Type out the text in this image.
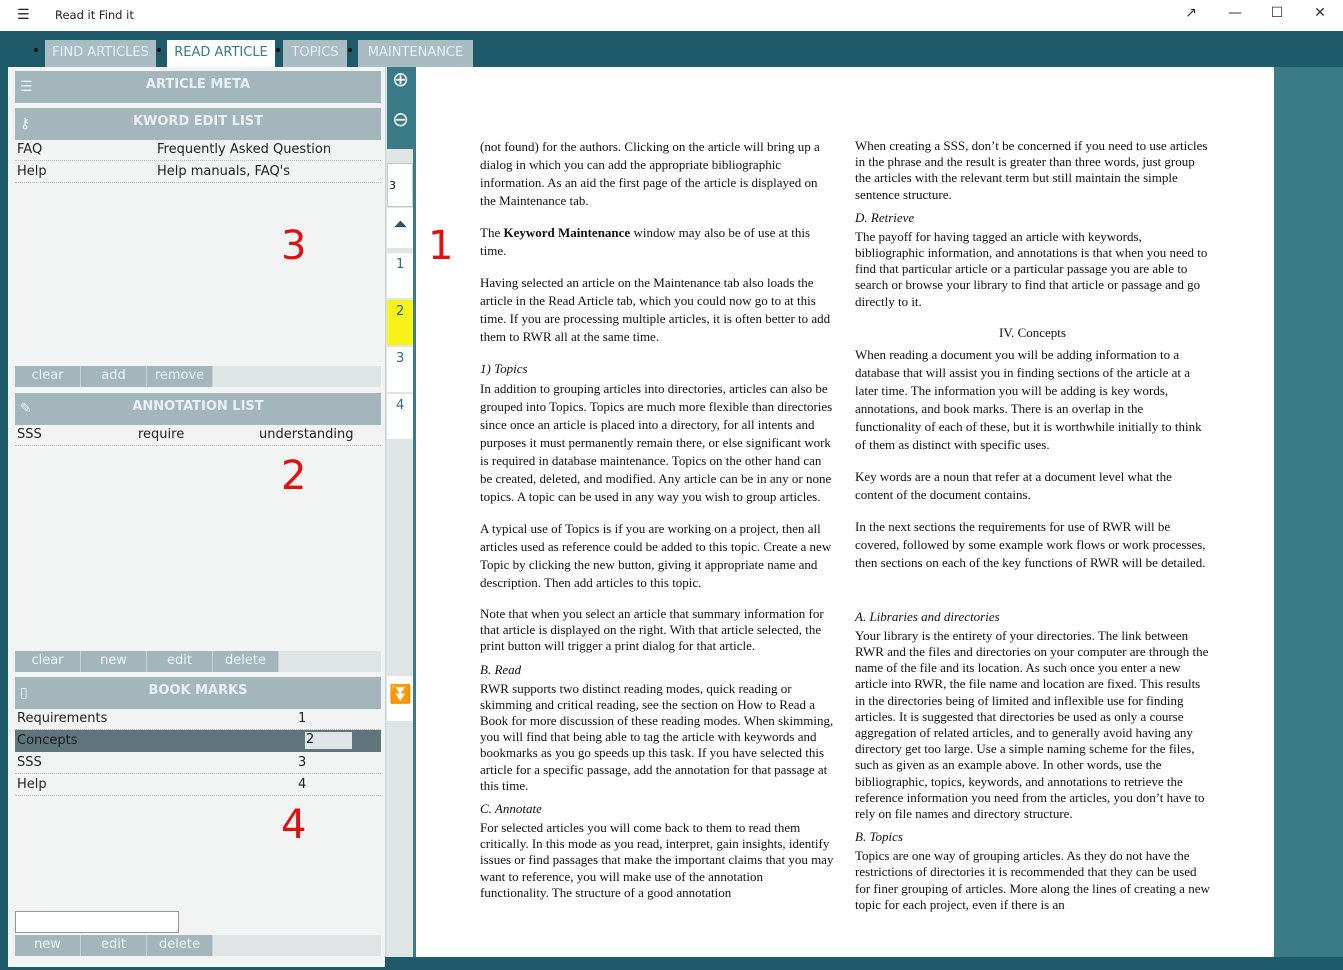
☰ Read it Find it	↗	—	☐	✕
FIND ARTICLES	READ ARTICLE	TOPICS	MAINTENANCE
☰	ARTICLE META
⚷	KWORD EDIT LIST
FAQ	Frequently Asked Question
Help	Help manuals, FAQ's
3
clear	add	remove
✎	ANNOTATION LIST
SSS	require	understanding
2
clear	new	edit	delete
▯	BOOK MARKS
Requirements	1
Concepts	2
SSS	3
Help	4
4
new	edit	delete
⊕
⊖
3
⏶
1
2
3
4
⏬
1

(not found) for the authors. Clicking on the article will bring up a dialog in which you can add the appropriate bibliographic information. As an aid the first page of the article is displayed on the Maintenance tab.

The Keyword Maintenance window may also be of use at this time.

Having selected an article on the Maintenance tab also loads the article in the Read Article tab, which you could now go to at this time. If you are processing multiple articles, it is often better to add them to RWR all at the same time.

1) Topics

In addition to grouping articles into directories, articles can also be grouped into Topics. Topics are much more flexible than directories since once an article is placed into a directory, for all intents and purposes it must permanently remain there, or else significant work is required in database maintenance. Topics on the other hand can be created, deleted, and modified. Any article can be in any or none topics. A topic can be used in any way you wish to group articles.

A typical use of Topics is if you are working on a project, then all articles used as reference could be added to this topic. Create a new Topic by clicking the new button, giving it appropriate name and description. Then add articles to this topic.

Note that when you select an article that summary information for that article is displayed on the right. With that article selected, the print button will trigger a print dialog for that article.

B. Read

RWR supports two distinct reading modes, quick reading or skimming and critical reading, see the section on How to Read a Book for more discussion of these reading modes. When skimming, you will find that being able to tag the article with keywords and bookmarks as you go speeds up this task. If you have selected this article for a specific passage, add the annotation for that passage at this time.

C. Annotate

For selected articles you will come back to them to read them critically. In this mode as you read, interpret, gain insights, identify issues or find passages that make the important claims that you may want to reference, you will make use of the annotation functionality. The structure of a good annotation

When creating a SSS, don’t be concerned if you need to use articles in the phrase and the result is greater than three words, just group the articles with the relevant term but still maintain the simple sentence structure.

D. Retrieve

The payoff for having tagged an article with keywords, bibliographic information, and annotations is that when you need to find that particular article or a particular passage you are able to search or browse your library to find that article or passage and go directly to it.

IV. Concepts

When reading a document you will be adding information to a database that will assist you in finding sections of the article at a later time. The information you will be adding is key words, annotations, and book marks. There is an overlap in the functionality of each of these, but it is worthwhile initially to think of them as distinct with specific uses.

Key words are a noun that refer at a document level what the content of the document contains.

In the next sections the requirements for use of RWR will be covered, followed by some example work flows or work processes, then sections on each of the key functions of RWR will be detailed.

A. Libraries and directories

Your library is the entirety of your directories. The link between RWR and the files and directories on your computer are through the name of the file and its location. As such once you enter a new article into RWR, the file name and location are fixed. This results in the directories being of limited and inflexible use for finding articles. It is suggested that directories be used as only a course aggregation of related articles, and to generally avoid having any directory get too large. Use a simple naming scheme for the files, such as given as an example above. In other words, use the bibliographic, topics, keywords, and annotations to retrieve the reference information you need from the articles, you don’t have to rely on file names and directory structure.

B. Topics

Topics are one way of grouping articles. As they do not have the restrictions of directories it is recommended that they can be used for finer grouping of articles. More along the lines of creating a new topic for each project, even if there is an
